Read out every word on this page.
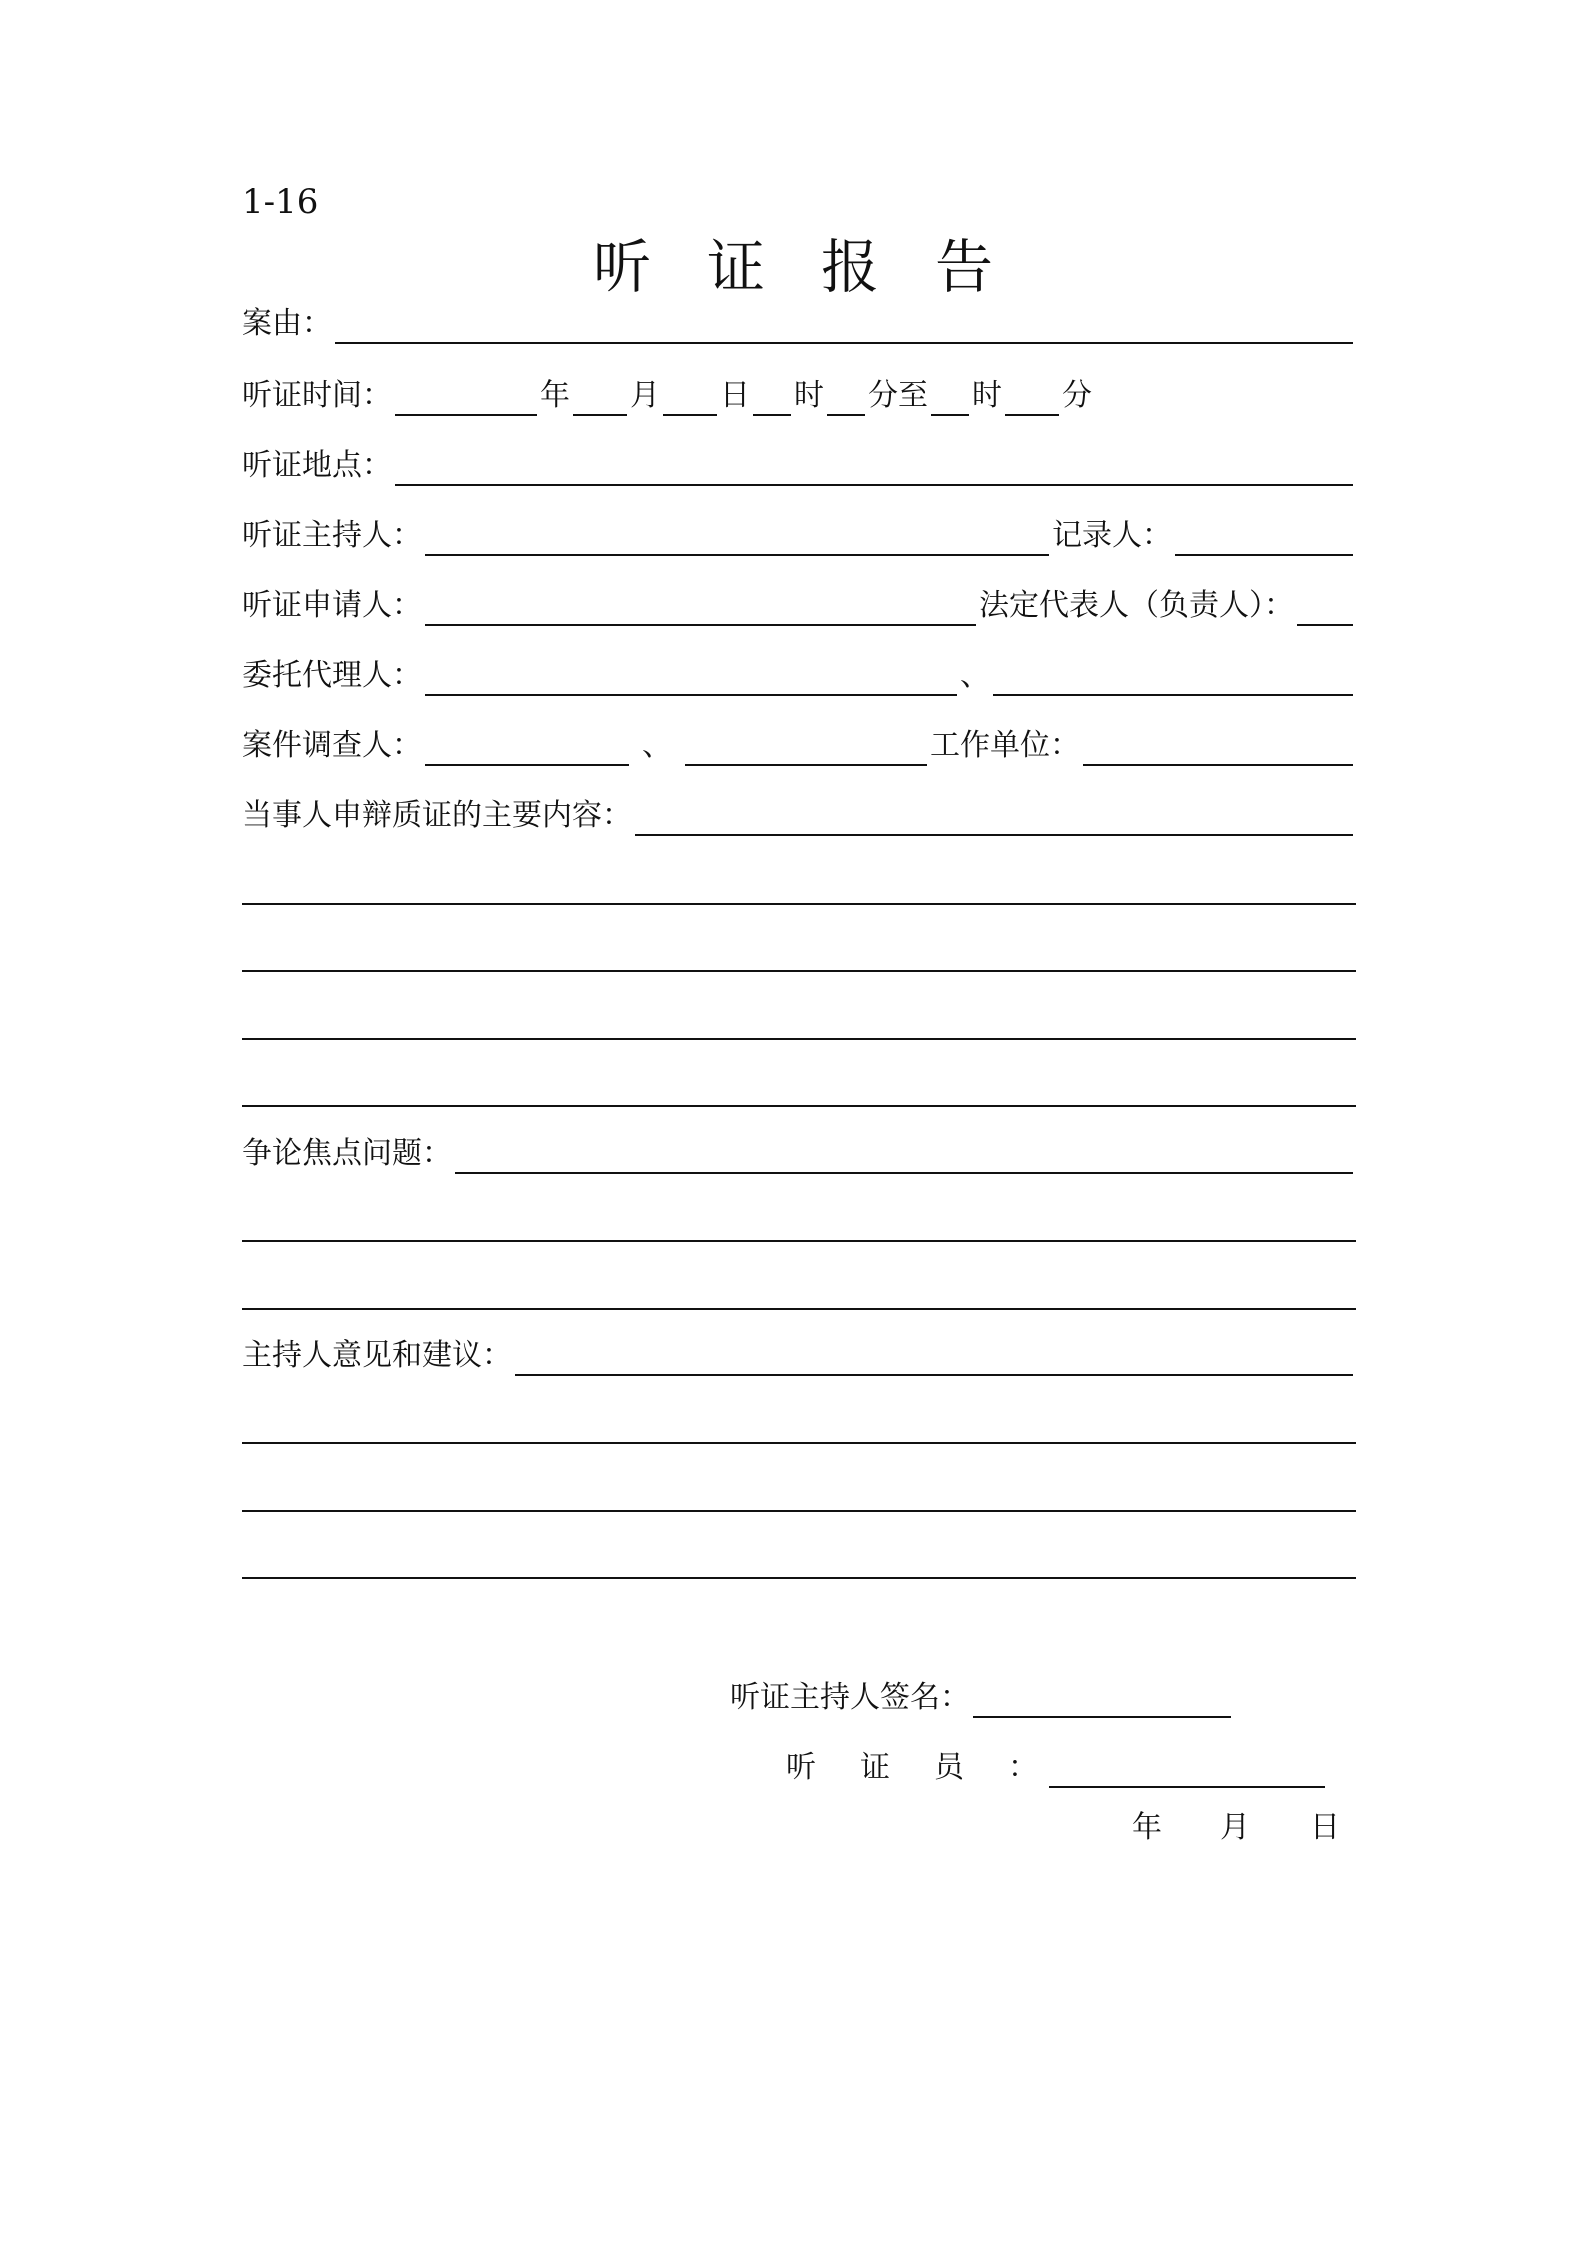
1-16
听证报告
案由：
听证时间：	年 月 日 时 分至 时 分
听证地点：
听证主持人：	记录人：
听证申请人：	法定代表人（负责人）：
委托代理人：	、
案件调查人：	、	工作单位：
当事人申辩质证的主要内容：
争论焦点问题：
主持人意见和建议：
听证主持人签名：
听证员：
年 月 日
